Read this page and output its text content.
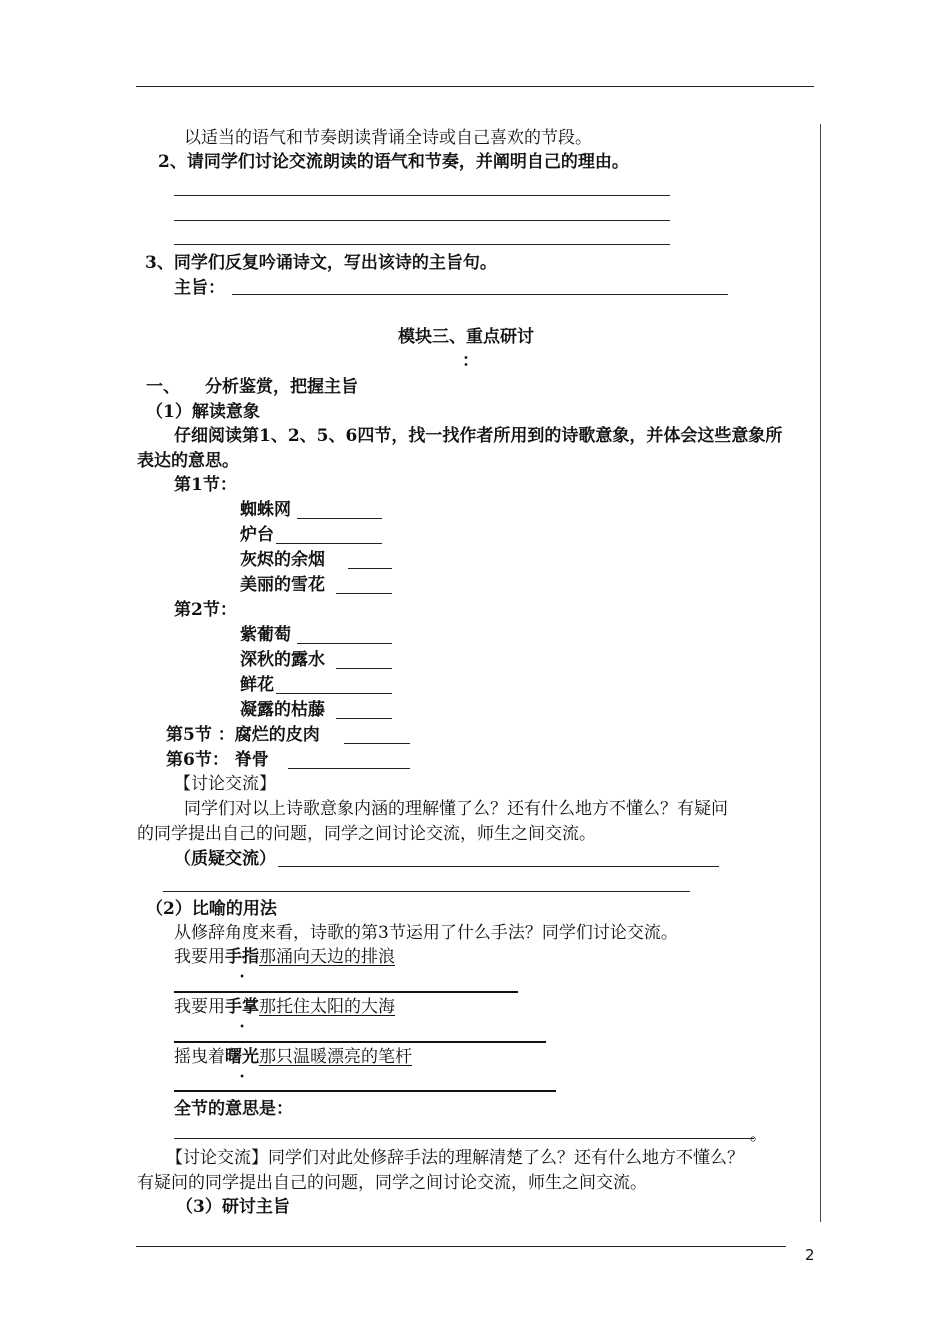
2
以适当的语气和节奏朗读背诵全诗或自己喜欢的节段。
2、请同学们讨论交流朗读的语气和节奏，并阐明自己的理由。
3、同学们反复吟诵诗文，写出该诗的主旨句。
主旨：
模块三、重点研讨
：
一、 分析鉴赏，把握主旨
（1）解读意象
仔细阅读第1、2、5、6四节，找一找作者所用到的诗歌意象，并体会这些意象所
表达的意思。
第1节：
蜘蛛网
炉台
灰烬的余烟
美丽的雪花
第2节：
紫葡萄
深秋的露水
鲜花
凝露的枯藤
第5节 ：腐烂的皮肉
第6节： 脊骨
【讨论交流】
同学们对以上诗歌意象内涵的理解懂了么？还有什么地方不懂么？有疑问
的同学提出自己的问题，同学之间讨论交流，师生之间交流。
（质疑交流）
（2）比喻的用法
从修辞角度来看，诗歌的第3节运用了什么手法？同学们讨论交流。
我要用手指那涌向天边的排浪
我要用手掌那托住太阳的大海
摇曳着曙光那只温暖漂亮的笔杆
全节的意思是：
。
【讨论交流】同学们对此处修辞手法的理解清楚了么？还有什么地方不懂么？
有疑问的同学提出自己的问题，同学之间讨论交流，师生之间交流。
（3）研讨主旨
